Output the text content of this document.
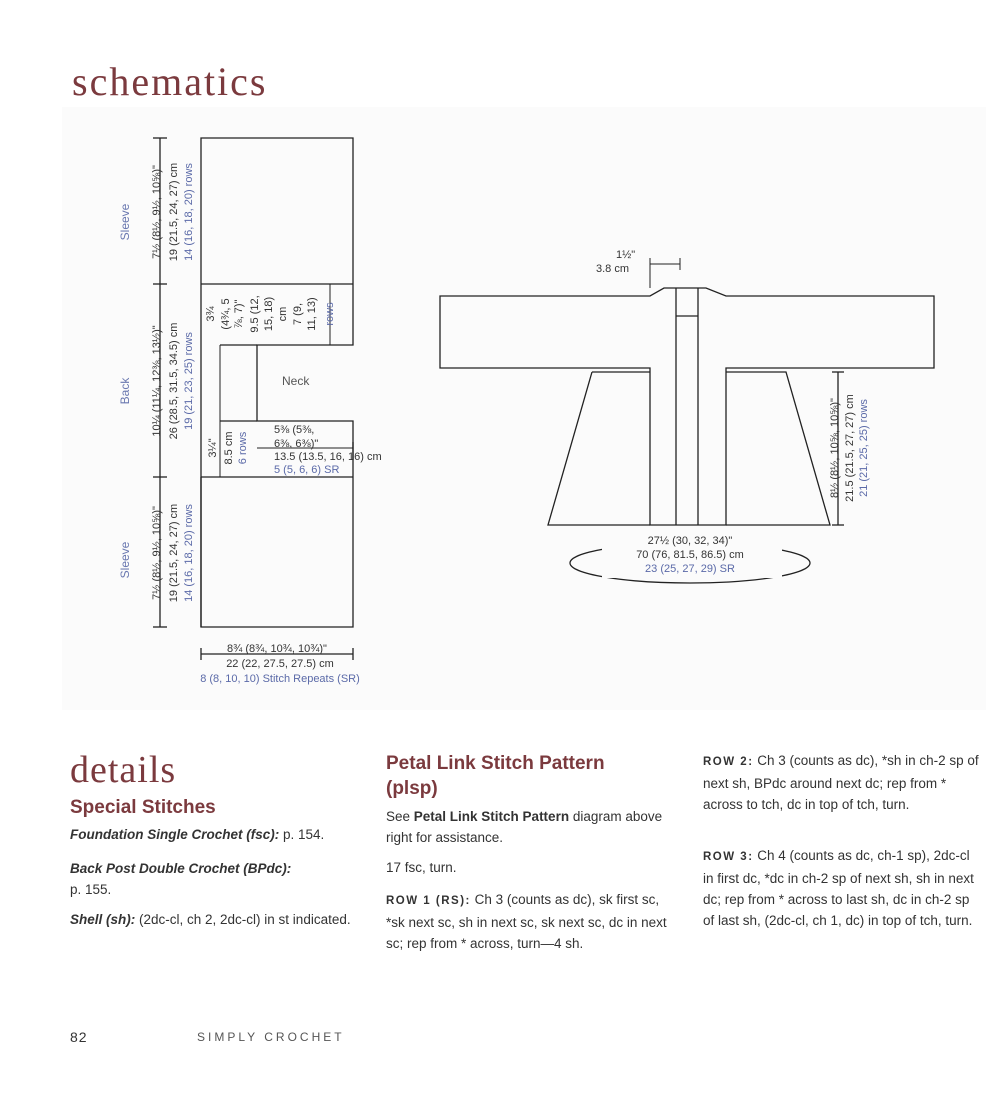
schematics
Sleeve 7½ (8½, 9½, 10⅝)" 19 (21.5, 24, 27) cm 14 (16, 18, 20) rows
Back 10¼ (11¼, 12⅜, 13½)" 26 (28.5, 31.5, 34.5) cm 19 (21, 23, 25) rows
Sleeve 7½ (8½, 9½, 10⅝)" 19 (21.5, 24, 27) cm 14 (16, 18, 20) rows
3¾ (4¾, 5 ⅞, 7)" 9.5 (12, 15, 18) cm 7 (9, 11, 13) rows
Neck
3¼" 8.5 cm 6 rows
5⅜ (5⅜,
6⅜, 6⅜)"
13.5 (13.5, 16, 16) cm
5 (5, 6, 6) SR
8¾ (8¾, 10¾, 10¾)"
22 (22, 27.5, 27.5) cm
8 (8, 10, 10) Stitch Repeats (SR)
1½"
3.8 cm
8½ (8½, 10⅝, 10⅝)" 21.5 (21.5, 27, 27) cm 21 (21, 25, 25) rows
27½ (30, 32, 34)"
70 (76, 81.5, 86.5) cm
23 (25, 27, 29) SR
details
Special Stitches

Foundation Single Crochet (fsc): p. 154.

Back Post Double Crochet (BPdc):
p. 155.

Shell (sh): (2dc-cl, ch 2, 2dc-cl) in st indicated.

Petal Link Stitch Pattern
(plsp)

See Petal Link Stitch Pattern diagram above right for assistance.

17 fsc, turn.

ROW 1 (RS): Ch 3 (counts as dc), sk first sc, *sk next sc, sh in next sc, sk next sc, dc in next sc; rep from * across, turn—4 sh.

ROW 2: Ch 3 (counts as dc), *sh in ch-2 sp of next sh, BPdc around next dc; rep from * across to tch, dc in top of tch, turn.

ROW 3: Ch 4 (counts as dc, ch-1 sp), 2dc-cl in first dc, *dc in ch-2 sp of next sh, sh in next dc; rep from * across to last sh, dc in ch-2 sp of last sh, (2dc-cl, ch 1, dc) in top of tch, turn.

82	SIMPLY CROCHET
